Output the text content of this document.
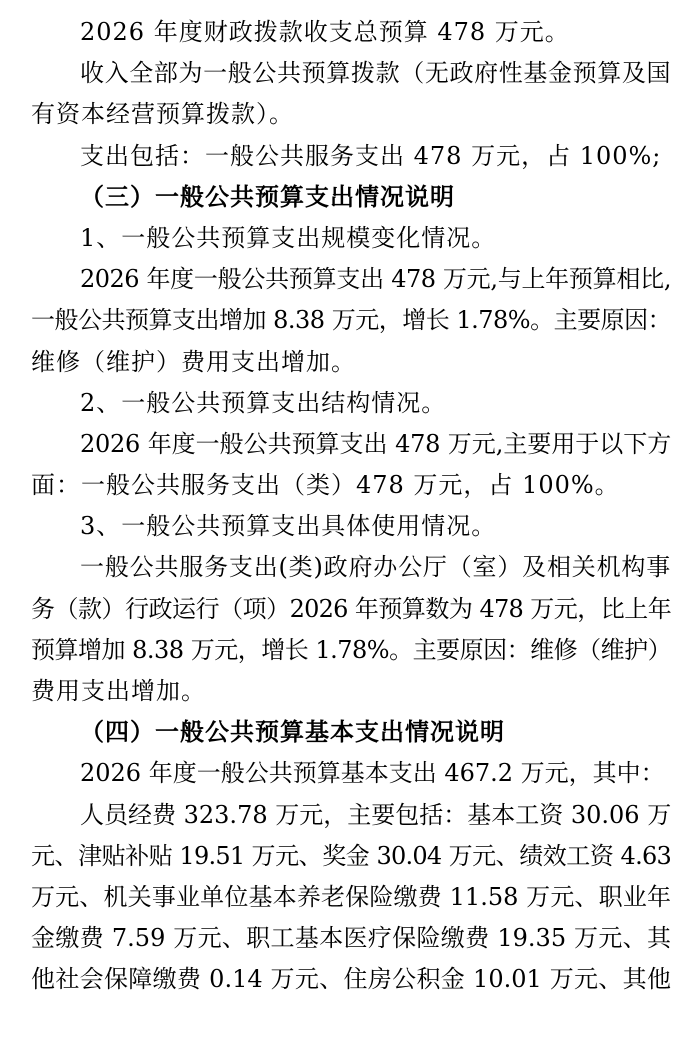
2026 年度财政拨款收支总预算 478 万元。
收入全部为一般公共预算拨款（无政府性基金预算及国
有资本经营预算拨款）。
支出包括：一般公共服务支出 478 万元，占 100%;
（三）一般公共预算支出情况说明
1、一般公共预算支出规模变化情况。
2026 年度一般公共预算支出 478 万元,与上年预算相比,
一般公共预算支出增加 8.38 万元，增长 1.78%。主要原因：
维修（维护）费用支出增加。
2、一般公共预算支出结构情况。
2026 年度一般公共预算支出 478 万元,主要用于以下方
面：一般公共服务支出（类）478 万元，占 100%。
3、一般公共预算支出具体使用情况。
一般公共服务支出(类)政府办公厅（室）及相关机构事
务（款）行政运行（项）2026 年预算数为 478 万元，比上年
预算增加 8.38 万元，增长 1.78%。主要原因：维修（维护）
费用支出增加。
（四）一般公共预算基本支出情况说明
2026 年度一般公共预算基本支出 467.2 万元，其中：
人员经费 323.78 万元，主要包括：基本工资 30.06 万
元、津贴补贴 19.51 万元、奖金 30.04 万元、绩效工资 4.63
万元、机关事业单位基本养老保险缴费 11.58 万元、职业年
金缴费 7.59 万元、职工基本医疗保险缴费 19.35 万元、其
他社会保障缴费 0.14 万元、住房公积金 10.01 万元、其他
